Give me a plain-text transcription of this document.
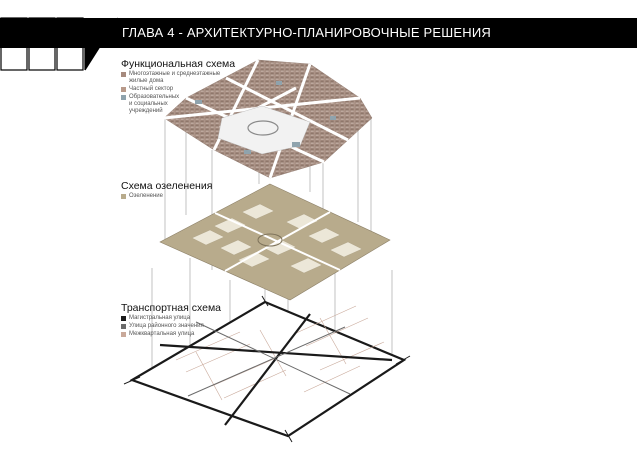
ГЛАВА 4 - АРХИТЕКТУРНО-ПЛАНИРОВОЧНЫЕ РЕШЕНИЯ
Функциональная схема
Многоэтажные и среднеэтажные жилые дома
Частный сектор
Образовательных и социальных учреждений
Схема озеленения
Озеленение
Транспортная схема
Магистральная улица
Улица районного значения
Межквартальная улица
